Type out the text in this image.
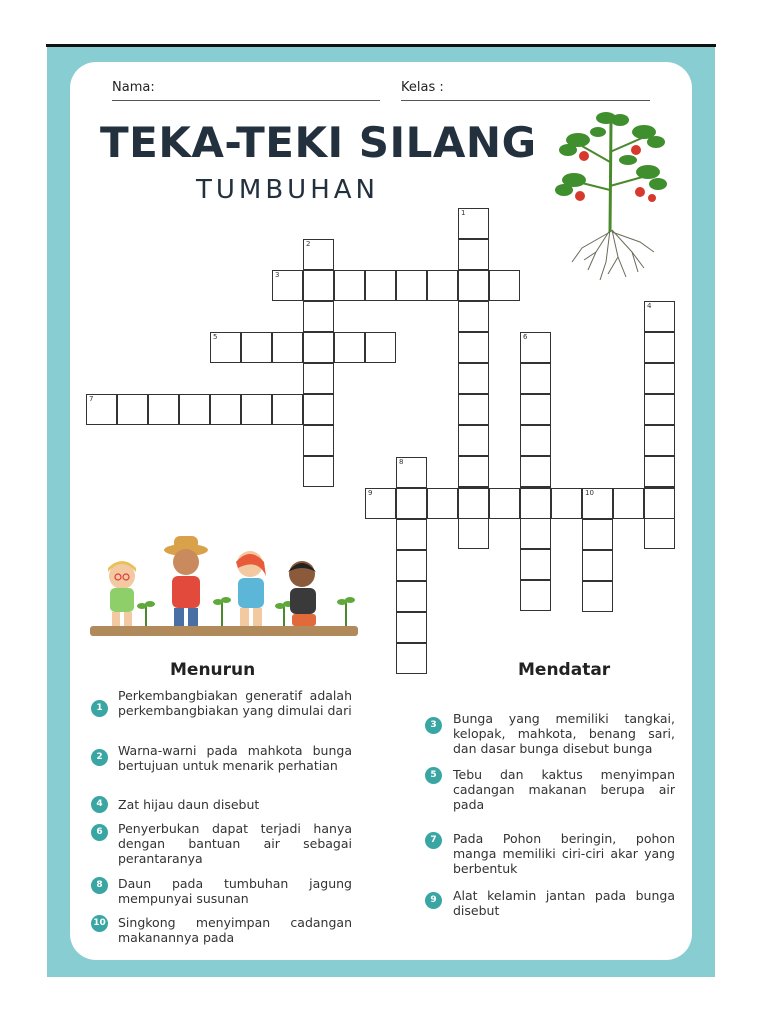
Nama:	Kelas :
TEKA-TEKI SILANG
TUMBUHAN
1
2
4
6
8
10
3
5
7
9
Menurun	Mendatar
1
Perkembangbiakan generatif adalah perkembangbiakan yang dimulai dari
2	Warna-warni pada mahkota bunga bertujuan untuk menarik perhatian
4	Zat hijau daun disebut
6	Penyerbukan dapat terjadi hanya dengan bantuan air sebagai perantaranya
8	Daun pada tumbuhan jagung mempunyai susunan
10 Singkong menyimpan cadangan makanannya pada
3	Bunga yang memiliki tangkai, kelopak, mahkota, benang sari, dan dasar bunga disebut bunga
5	Tebu dan kaktus menyimpan cadangan makanan berupa air pada
7	Pada Pohon beringin, pohon manga memiliki ciri-ciri akar yang berbentuk
9	Alat kelamin jantan pada bunga disebut
